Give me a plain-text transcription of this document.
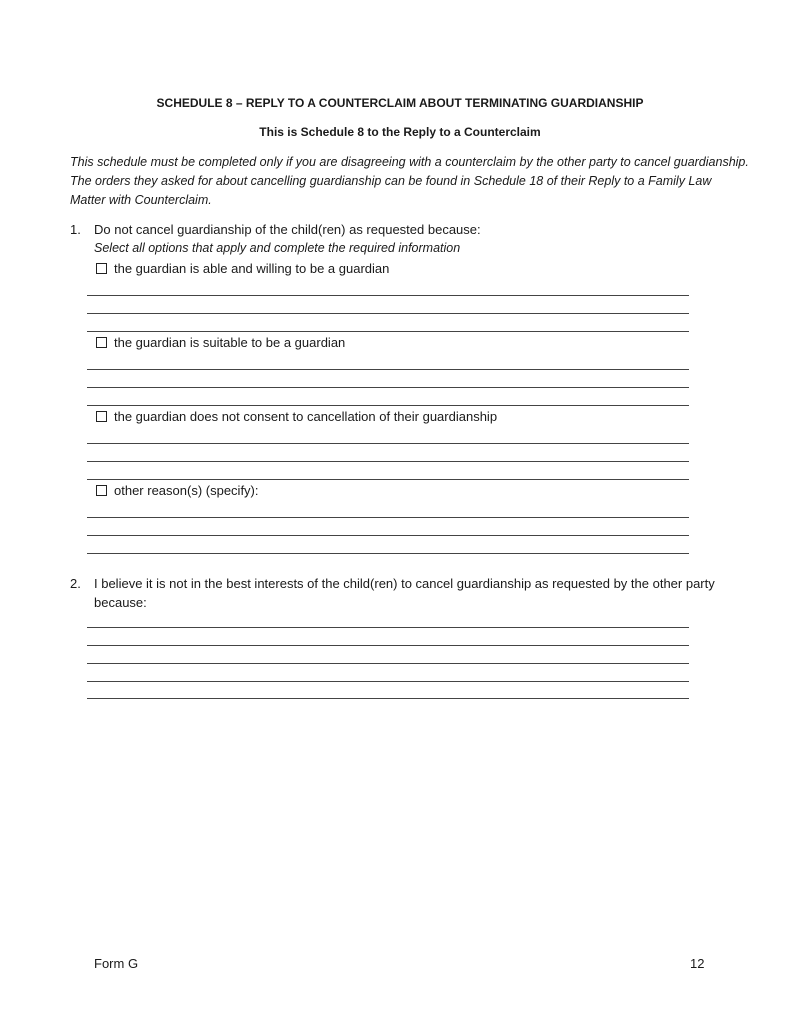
SCHEDULE 8 – REPLY TO A COUNTERCLAIM ABOUT TERMINATING GUARDIANSHIP
This is Schedule 8 to the Reply to a Counterclaim
This schedule must be completed only if you are disagreeing with a counterclaim by the other party to cancel guardianship. The orders they asked for about cancelling guardianship can be found in Schedule 18 of their Reply to a Family Law Matter with Counterclaim.
1. Do not cancel guardianship of the child(ren) as requested because:
Select all options that apply and complete the required information
the guardian is able and willing to be a guardian
the guardian is suitable to be a guardian
the guardian does not consent to cancellation of their guardianship
other reason(s) (specify):
2. I believe it is not in the best interests of the child(ren) to cancel guardianship as requested by the other party because:
Form G	12
